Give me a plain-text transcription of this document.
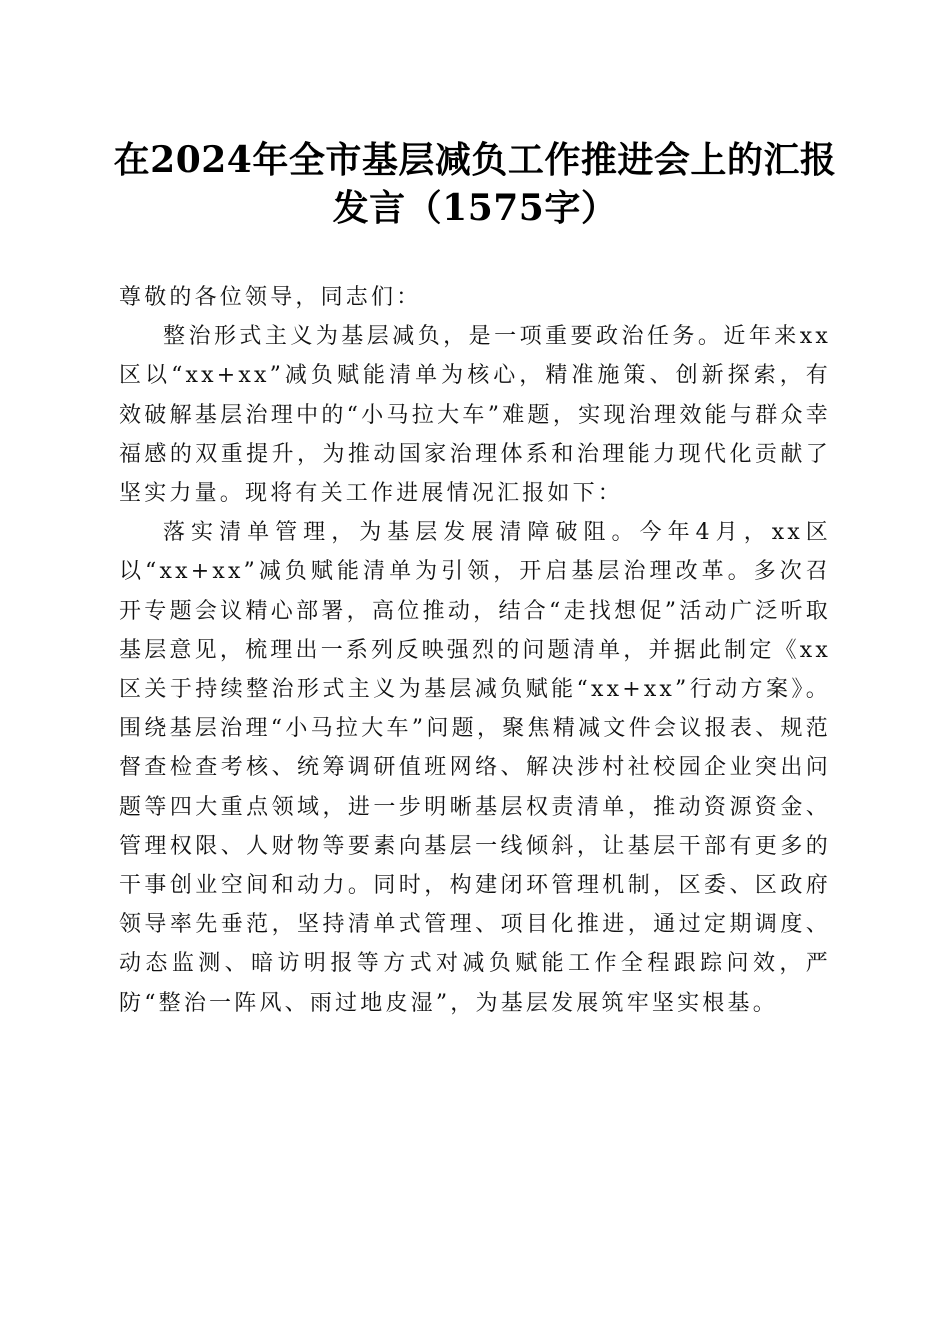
在2024年全市基层减负工作推进会上的汇报
发言（1575字）

尊敬的各位领导，同志们：

整治形式主义为基层减负，是一项重要政治任务。近年来xx区以“xx+xx”减负赋能清单为核心，精准施策、创新探索，有效破解基层治理中的“小马拉大车”难题，实现治理效能与群众幸福感的双重提升，为推动国家治理体系和治理能力现代化贡献了坚实力量。现将有关工作进展情况汇报如下：

落实清单管理，为基层发展清障破阻。今年4月，xx区以“xx+xx”减负赋能清单为引领，开启基层治理改革。多次召开专题会议精心部署，高位推动，结合“走找想促”活动广泛听取基层意见，梳理出一系列反映强烈的问题清单，并据此制定《xx区关于持续整治形式主义为基层减负赋能“xx+xx”行动方案》。围绕基层治理“小马拉大车”问题，聚焦精减文件会议报表、规范督查检查考核、统筹调研值班网络、解决涉村社校园企业突出问题等四大重点领域，进一步明晰基层权责清单，推动资源资金、管理权限、人财物等要素向基层一线倾斜，让基层干部有更多的干事创业空间和动力。同时，构建闭环管理机制，区委、区政府领导率先垂范，坚持清单式管理、项目化推进，通过定期调度、动态监测、暗访明报等方式对减负赋能工作全程跟踪问效，严防“整治一阵风、雨过地皮湿”，为基层发展筑牢坚实根基。
